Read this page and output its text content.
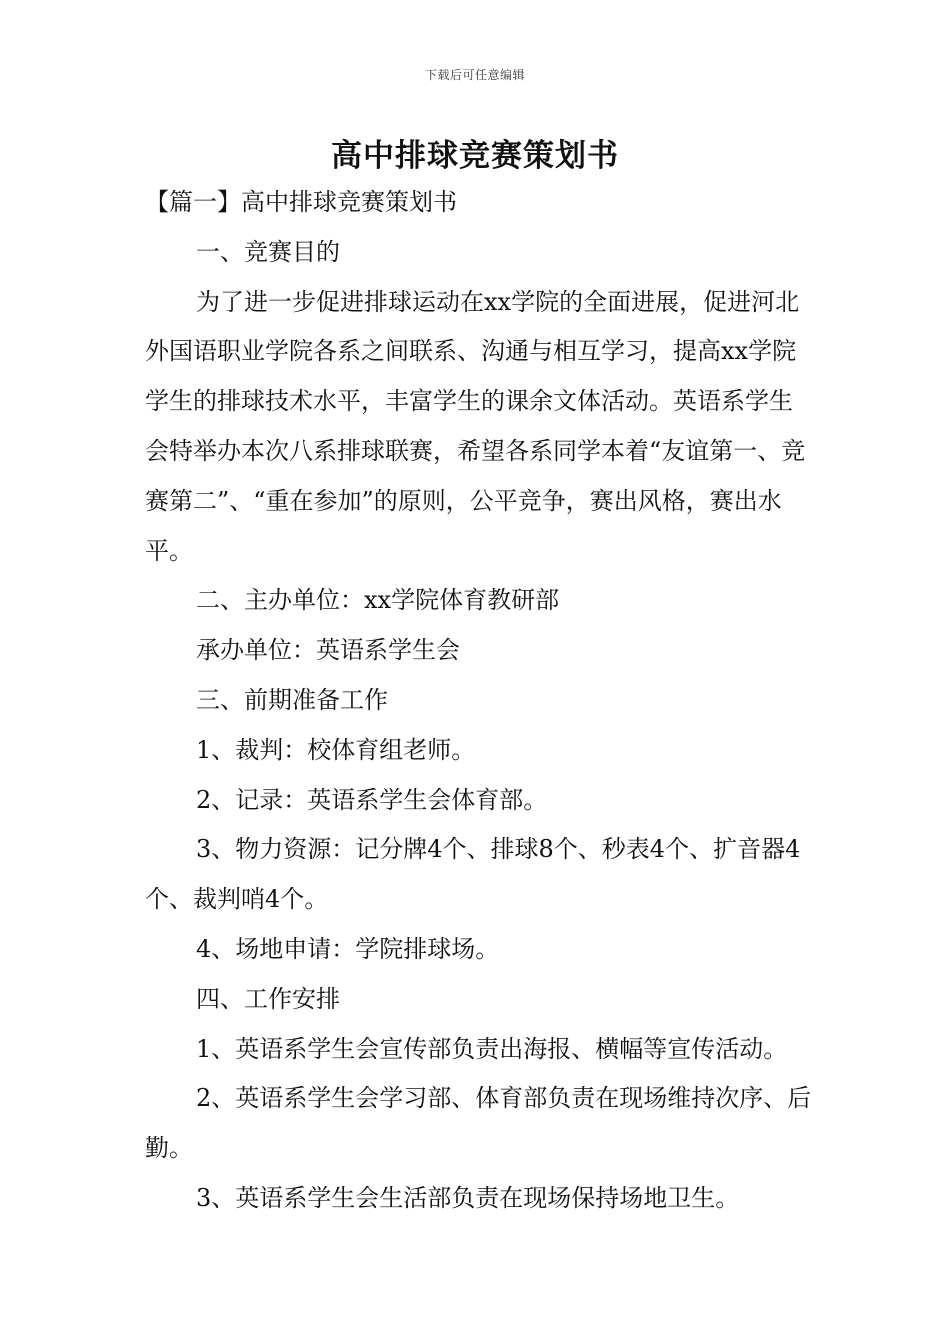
下载后可任意编辑
高中排球竞赛策划书

【篇一】高中排球竞赛策划书

一、竞赛目的

为了进一步促进排球运动在xx学院的全面进展，促进河北外国语职业学院各系之间联系、沟通与相互学习，提高xx学院学生的排球技术水平，丰富学生的课余文体活动。英语系学生会特举办本次八系排球联赛，希望各系同学本着“友谊第一、竞赛第二”、“重在参加”的原则，公平竞争，赛出风格，赛出水平。

二、主办单位：xx学院体育教研部

承办单位：英语系学生会

三、前期准备工作

1、裁判：校体育组老师。

2、记录：英语系学生会体育部。

3、物力资源：记分牌4个、排球8个、秒表4个、扩音器4个、裁判哨4个。

4、场地申请：学院排球场。

四、工作安排

1、英语系学生会宣传部负责出海报、横幅等宣传活动。

2、英语系学生会学习部、体育部负责在现场维持次序、后勤。

3、英语系学生会生活部负责在现场保持场地卫生。
